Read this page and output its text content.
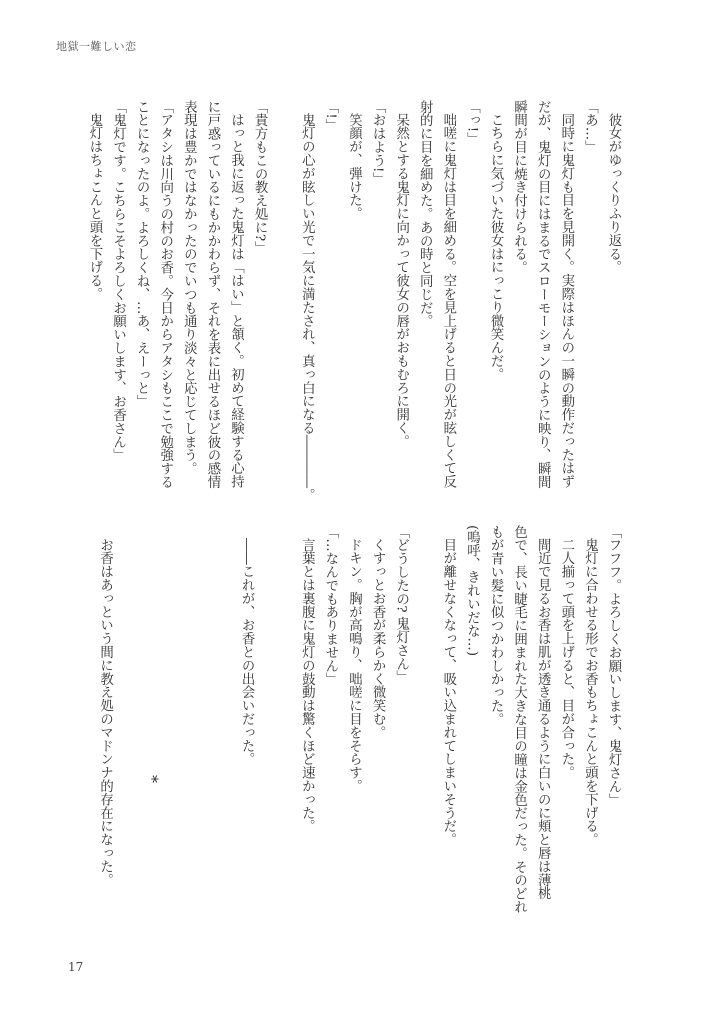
地獄一難しい恋
彼女がゆっくりふり返る。
「あ…」
同時に鬼灯も目を見開く。実際はほんの一瞬の動作だったはず
だが、鬼灯の目にはまるでスローモーションのように映り、瞬間
瞬間が目に焼き付けられる。
こちらに気づいた彼女はにっこり微笑んだ。
「っ!」
咄嗟に鬼灯は目を細める。空を見上げると日の光が眩しくて反
射的に目を細めた。あの時と同じだ。
呆然とする鬼灯に向かって彼女の唇がおもむろに開く。
「おはよう!」
笑顔が、弾けた。
「!」
鬼灯の心が眩しい光で一気に満たされ、真っ白になる――――。
「貴方もこの教え処に?」
はっと我に返った鬼灯は「はい」と頷く。初めて経験する心持
に戸惑っているにもかかわらず、それを表に出せるほど彼の感情
表現は豊かではなかったのでいつも通り淡々と応じてしまう。
「アタシは川向うの村のお香。今日からアタシもここで勉強する
ことになったのよ。よろしくね、…あ、えーっと」
「鬼灯です。こちらこそよろしくお願いします、お香さん」
鬼灯はちょこんと頭を下げる。
「フフフ。よろしくお願いします、鬼灯さん」
鬼灯に合わせる形でお香もちょこんと頭を下げる。
二人揃って頭を上げると、目が合った。
間近で見るお香は肌が透き通るように白いのに頬と唇は薄桃
色で、長い睫毛に囲まれた大きな目の瞳は金色だった。そのどれ
もが青い髪に似つかわしかった。
(嗚呼、きれいだな…)
目が離せなくなって、吸い込まれてしまいそうだ。
「どうしたの? 鬼灯さん」
くすっとお香が柔らかく微笑む。
ドキン。胸が高鳴り、咄嗟に目をそらす。
「…なんでもありません」
言葉とは裏腹に鬼灯の鼓動は驚くほど速かった。
――これが、お香との出会いだった。
*
お香はあっという間に教え処のマドンナ的存在になった。
17
